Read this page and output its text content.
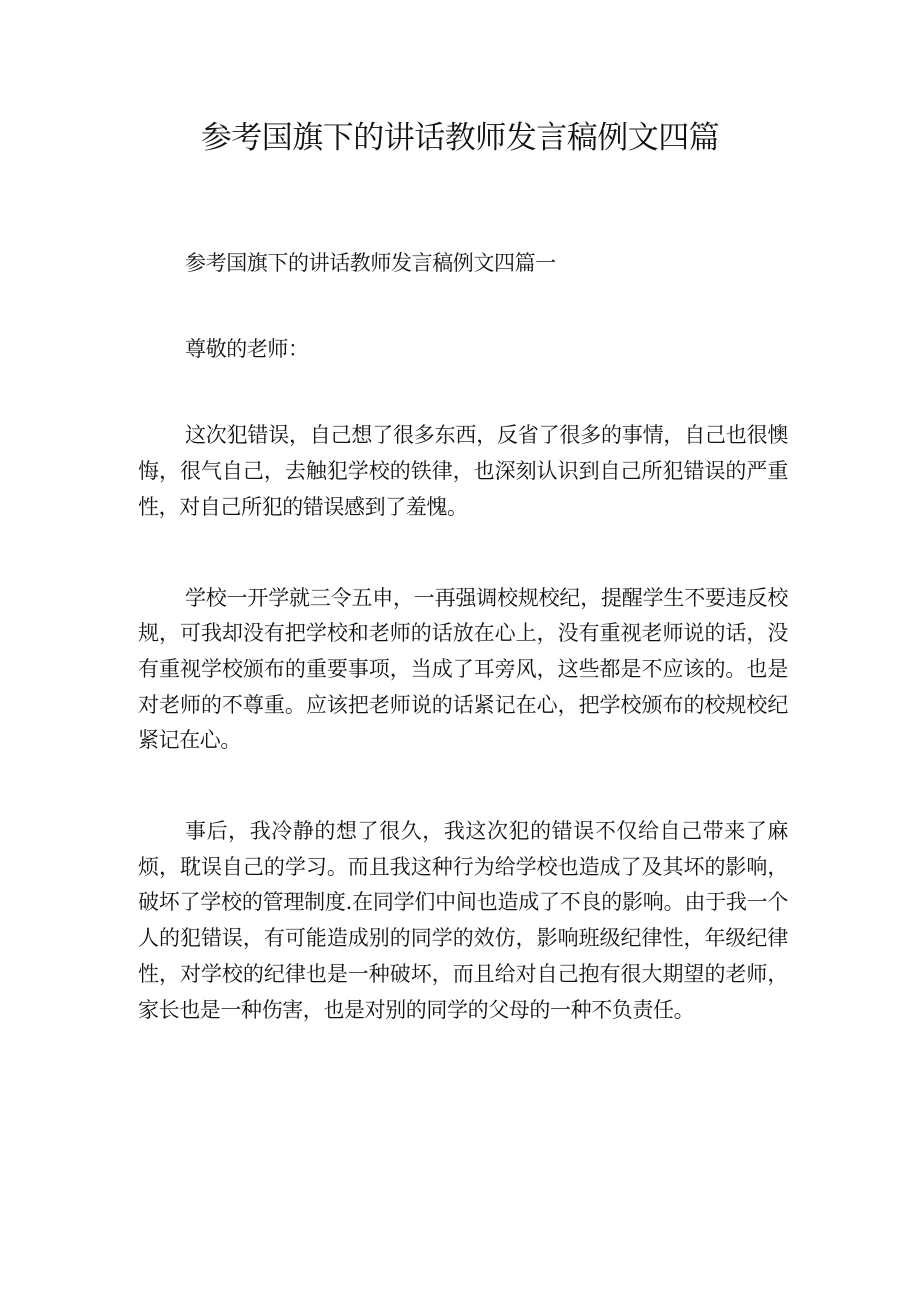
参考国旗下的讲话教师发言稿例文四篇

参考国旗下的讲话教师发言稿例文四篇一

尊敬的老师：

这次犯错误，自己想了很多东西，反省了很多的事情，自己也很懊悔，很气自己，去触犯学校的铁律，也深刻认识到自己所犯错误的严重性，对自己所犯的错误感到了羞愧。

学校一开学就三令五申，一再强调校规校纪，提醒学生不要违反校规，可我却没有把学校和老师的话放在心上，没有重视老师说的话，没有重视学校颁布的重要事项，当成了耳旁风，这些都是不应该的。也是对老师的不尊重。应该把老师说的话紧记在心，把学校颁布的校规校纪紧记在心。

事后，我冷静的想了很久，我这次犯的错误不仅给自己带来了麻烦，耽误自己的学习。而且我这种行为给学校也造成了及其坏的影响，破坏了学校的管理制度.在同学们中间也造成了不良的影响。由于我一个人的犯错误，有可能造成别的同学的效仿，影响班级纪律性，年级纪律性，对学校的纪律也是一种破坏，而且给对自己抱有很大期望的老师，家长也是一种伤害，也是对别的同学的父母的一种不负责任。
